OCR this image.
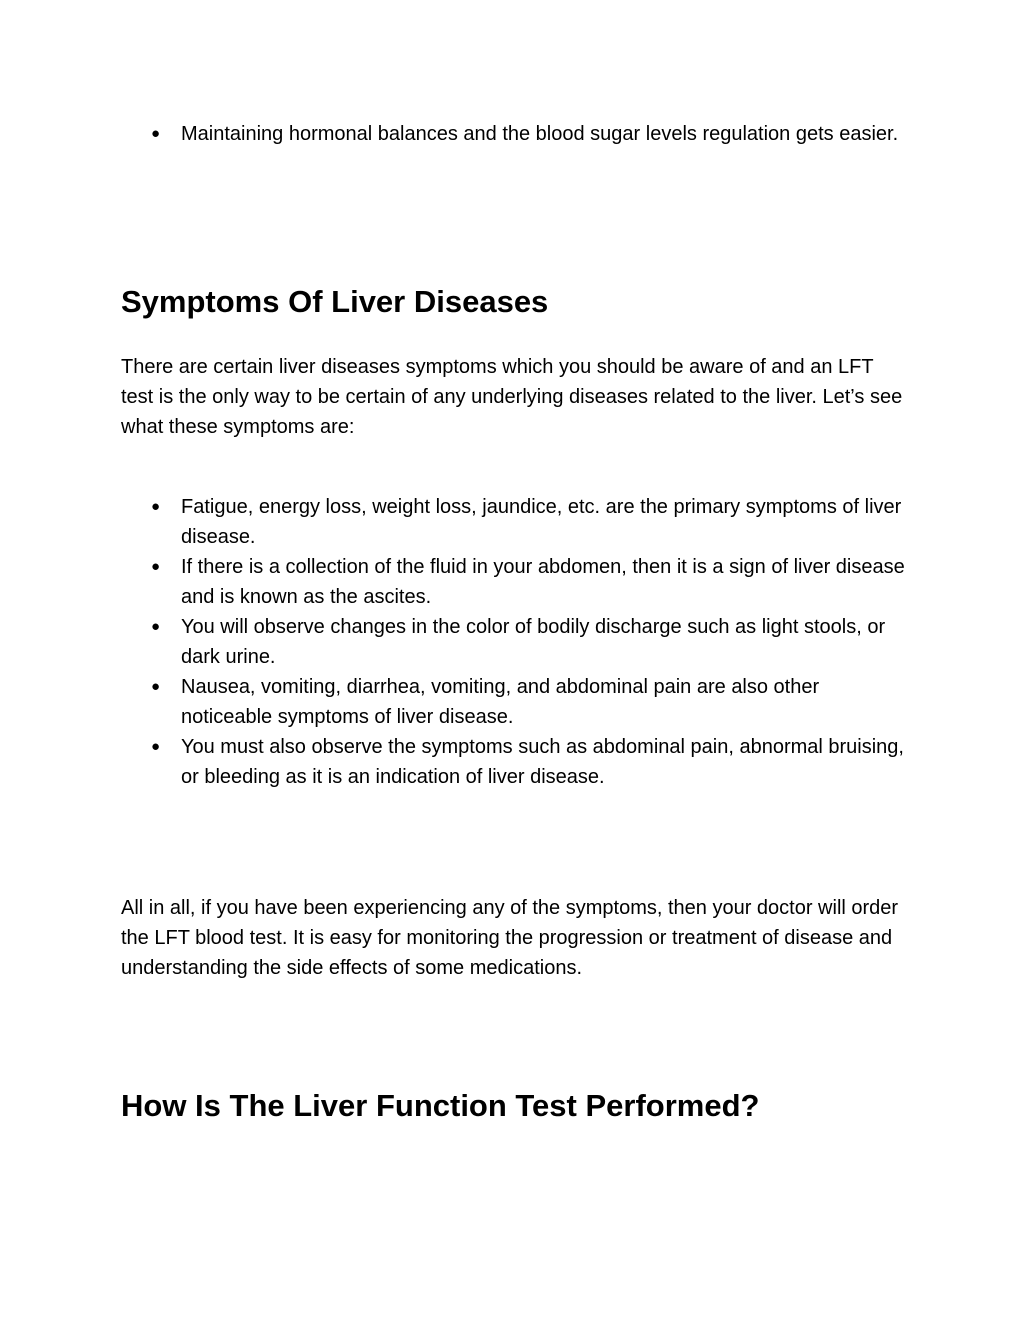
● Maintaining hormonal balances and the blood sugar levels regulation gets easier.
Symptoms Of Liver Diseases

There are certain liver diseases symptoms which you should be aware of and an LFT test is the only way to be certain of any underlying diseases related to the liver. Let’s see what these symptoms are:

● Fatigue, energy loss, weight loss, jaundice, etc. are the primary symptoms of liver disease.
● If there is a collection of the fluid in your abdomen, then it is a sign of liver disease and is known as the ascites.
● You will observe changes in the color of bodily discharge such as light stools, or dark urine.
● Nausea, vomiting, diarrhea, vomiting, and abdominal pain are also other noticeable symptoms of liver disease.
● You must also observe the symptoms such as abdominal pain, abnormal bruising, or bleeding as it is an indication of liver disease.

All in all, if you have been experiencing any of the symptoms, then your doctor will order the LFT blood test. It is easy for monitoring the progression or treatment of disease and understanding the side effects of some medications.

How Is The Liver Function Test Performed?
